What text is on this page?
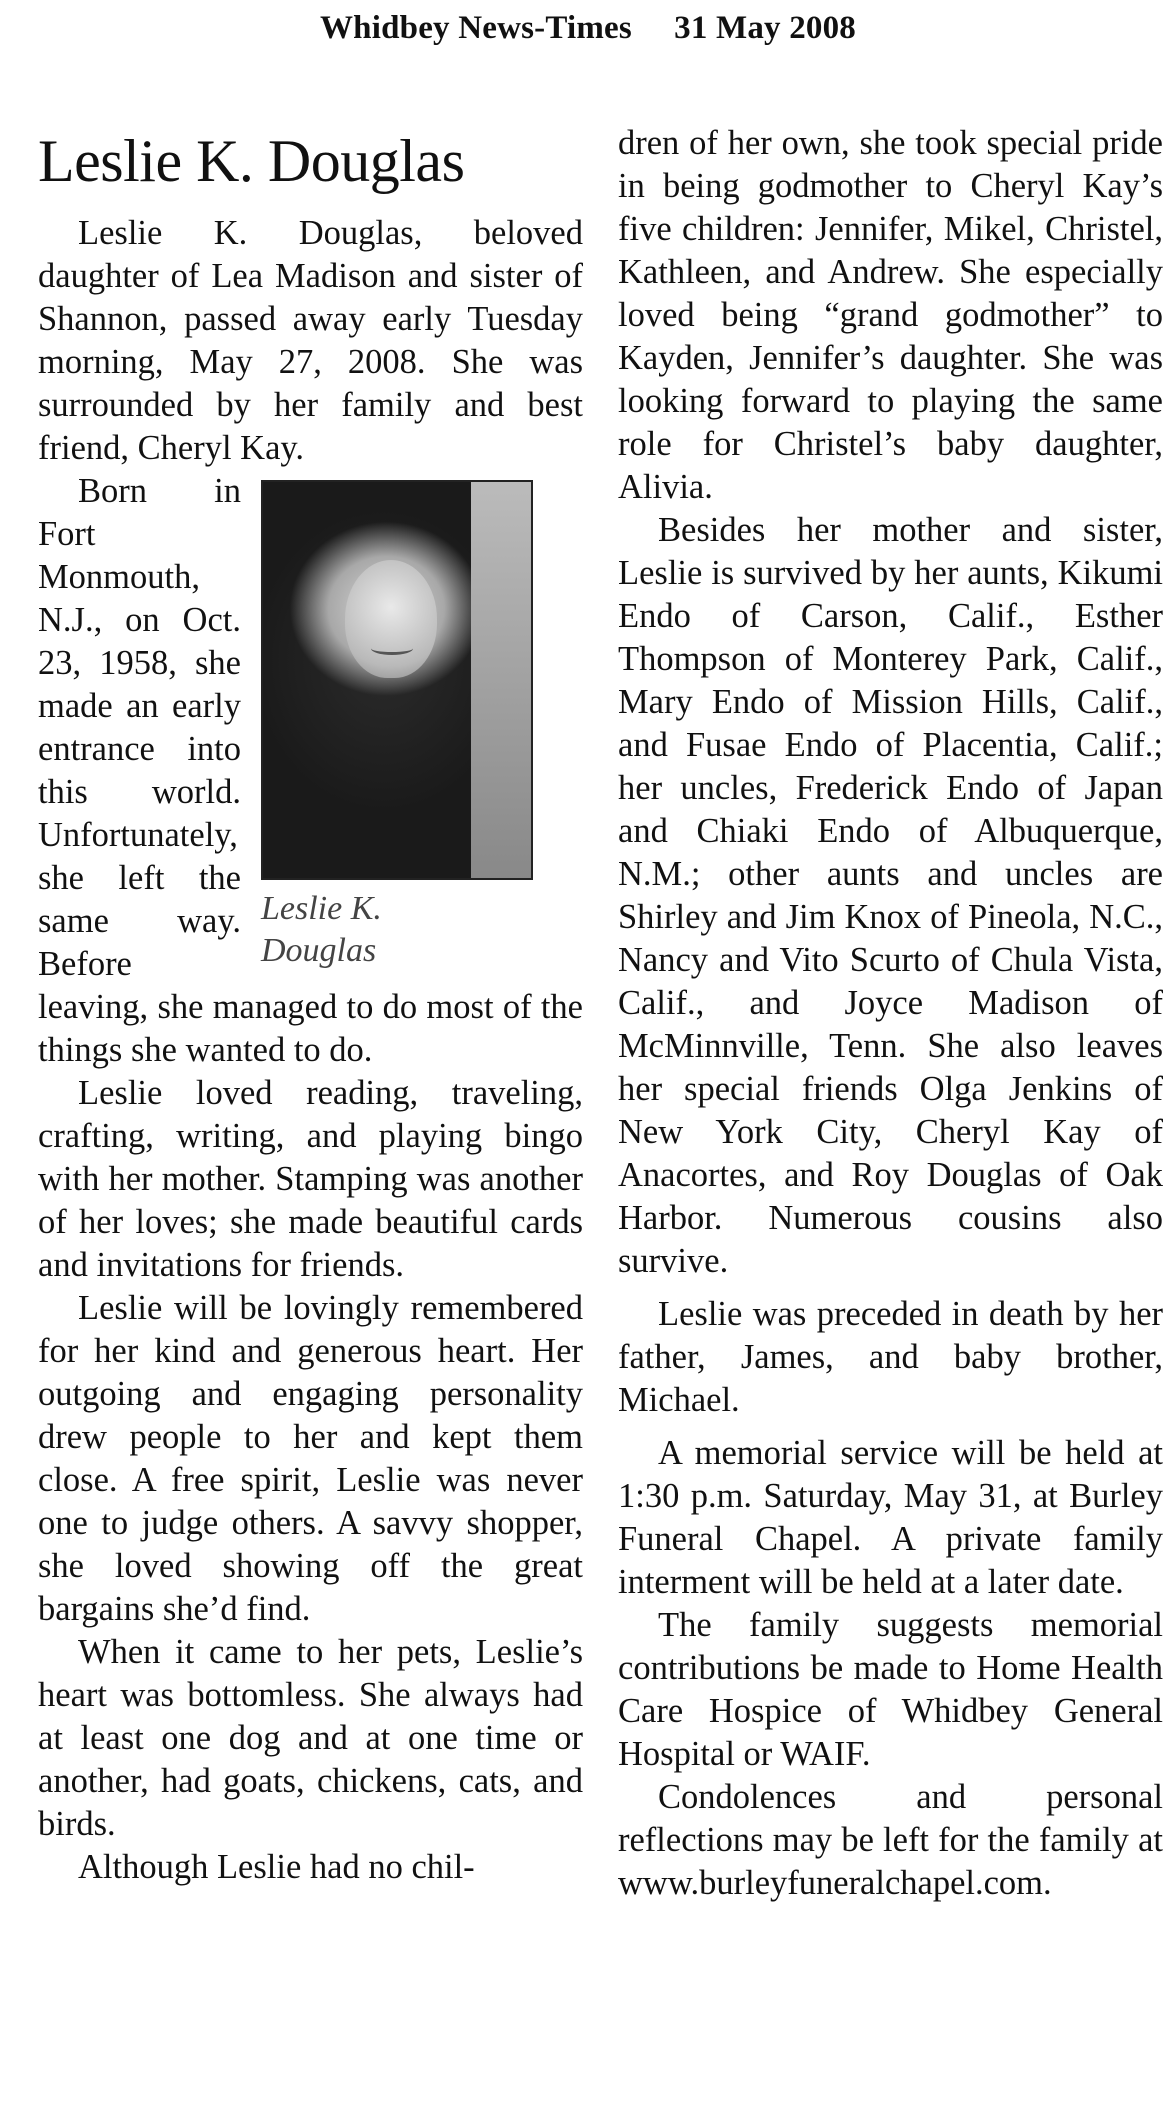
Whidbey News-Times 31 May 2008
Leslie K. Douglas

Leslie K. Douglas, beloved daughter of Lea Madison and sister of Shannon, passed away early Tuesday morning, May 27, 2008. She was surrounded by her family and best friend, Cheryl Kay.

Leslie K.
Douglas

Born in Fort Monmouth, N.J., on Oct. 23, 1958, she made an early entrance into this world. Unfortunately, she left the same way. Before leaving, she managed to do most of the things she wanted to do.

Leslie loved reading, traveling, crafting, writing, and playing bingo with her mother. Stamping was another of her loves; she made beautiful cards and invitations for friends.

Leslie will be lovingly remembered for her kind and generous heart. Her outgoing and engaging personality drew people to her and kept them close. A free spirit, Leslie was never one to judge others. A savvy shopper, she loved showing off the great bargains she’d find.

When it came to her pets, Leslie’s heart was bottomless. She always had at least one dog and at one time or another, had goats, chickens, cats, and birds.

Although Leslie had no chil-

dren of her own, she took special pride in being godmother to Cheryl Kay’s five children: Jennifer, Mikel, Christel, Kathleen, and Andrew. She especially loved being “grand godmother” to Kayden, Jennifer’s daughter. She was looking forward to playing the same role for Christel’s baby daughter, Alivia.

Besides her mother and sister, Leslie is survived by her aunts, Kikumi Endo of Carson, Calif., Esther Thompson of Monterey Park, Calif., Mary Endo of Mission Hills, Calif., and Fusae Endo of Placentia, Calif.; her uncles, Frederick Endo of Japan and Chiaki Endo of Albuquerque, N.M.; other aunts and uncles are Shirley and Jim Knox of Pineola, N.C., Nancy and Vito Scurto of Chula Vista, Calif., and Joyce Madison of McMinnville, Tenn. She also leaves her special friends Olga Jenkins of New York City, Cheryl Kay of Anacortes, and Roy Douglas of Oak Harbor. Numerous cousins also survive.

Leslie was preceded in death by her father, James, and baby brother, Michael.

A memorial service will be held at 1:30 p.m. Saturday, May 31, at Burley Funeral Chapel. A private family interment will be held at a later date.

The family suggests memorial contributions be made to Home Health Care Hospice of Whidbey General Hospital or WAIF.

Condolences and personal reflections may be left for the family at www.burleyfuneralchapel.com.
